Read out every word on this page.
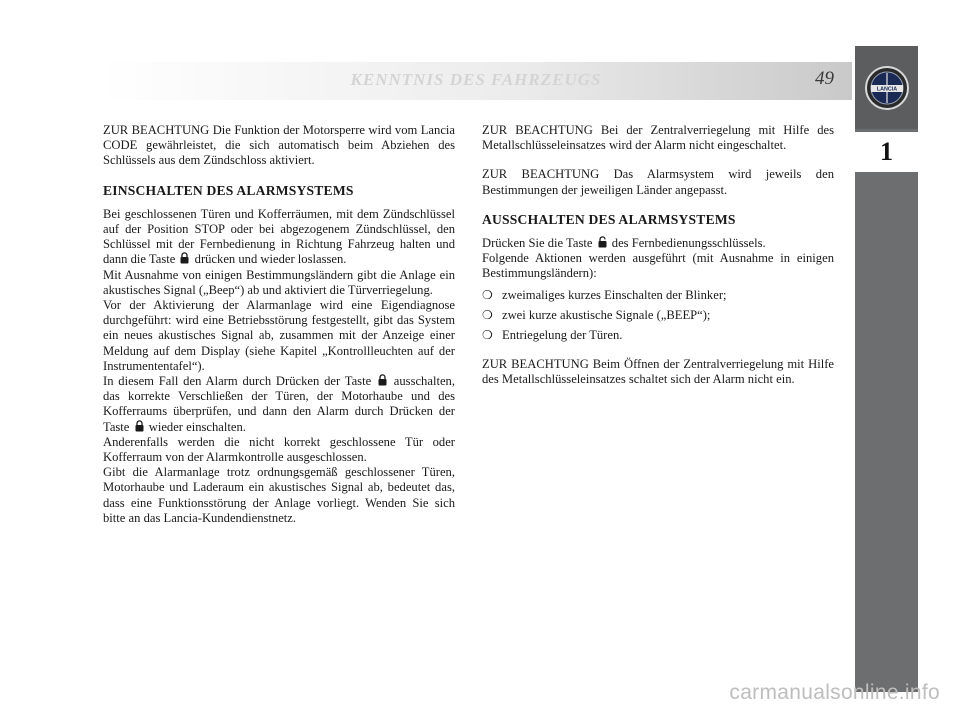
KENNTNIS DES FAHRZEUGS	49
LANCIA
1

ZUR BEACHTUNG Die Funktion der Motorsperre wird vom Lancia CODE gewährleistet, die sich automatisch beim Abziehen des Schlüssels aus dem Zündschloss aktiviert.

EINSCHALTEN DES ALARMSYSTEMS

Bei geschlossenen Türen und Kofferräumen, mit dem Zündschlüssel auf der Position STOP oder bei abgezogenem Zündschlüssel, den Schlüssel mit der Fernbedienung in Richtung Fahrzeug halten und dann die Taste drücken und wieder loslassen.

Mit Ausnahme von einigen Bestimmungsländern gibt die Anlage ein akustisches Signal („Beep“) ab und aktiviert die Türverriegelung.

Vor der Aktivierung der Alarmanlage wird eine Eigendiagnose durchgeführt: wird eine Betriebsstörung festgestellt, gibt das System ein neues akustisches Signal ab, zusammen mit der Anzeige einer Meldung auf dem Display (siehe Kapitel „Kontrollleuchten auf der Instrumententafel“).

In diesem Fall den Alarm durch Drücken der Taste ausschalten, das korrekte Verschließen der Türen, der Motorhaube und des Kofferraums überprüfen, und dann den Alarm durch Drücken der Taste wieder einschalten.

Anderenfalls werden die nicht korrekt geschlossene Tür oder Kofferraum von der Alarmkontrolle ausgeschlossen.

Gibt die Alarmanlage trotz ordnungsgemäß geschlossener Türen, Motorhaube und Laderaum ein akustisches Signal ab, bedeutet das, dass eine Funktionsstörung der Anlage vorliegt. Wenden Sie sich bitte an das Lancia-Kundendienstnetz.

ZUR BEACHTUNG Bei der Zentralverriegelung mit Hilfe des Metallschlüsseleinsatzes wird der Alarm nicht eingeschaltet.

ZUR BEACHTUNG Das Alarmsystem wird jeweils den Bestimmungen der jeweiligen Länder angepasst.

AUSSCHALTEN DES ALARMSYSTEMS

Drücken Sie die Taste des Fernbedienungsschlüssels.

Folgende Aktionen werden ausgeführt (mit Ausnahme in einigen Bestimmungsländern):

❍ zweimaliges kurzes Einschalten der Blinker;
❍ zwei kurze akustische Signale („BEEP“);
❍ Entriegelung der Türen.

ZUR BEACHTUNG Beim Öffnen der Zentralverriegelung mit Hilfe des Metallschlüsseleinsatzes schaltet sich der Alarm nicht ein.

carmanualsonline.info
